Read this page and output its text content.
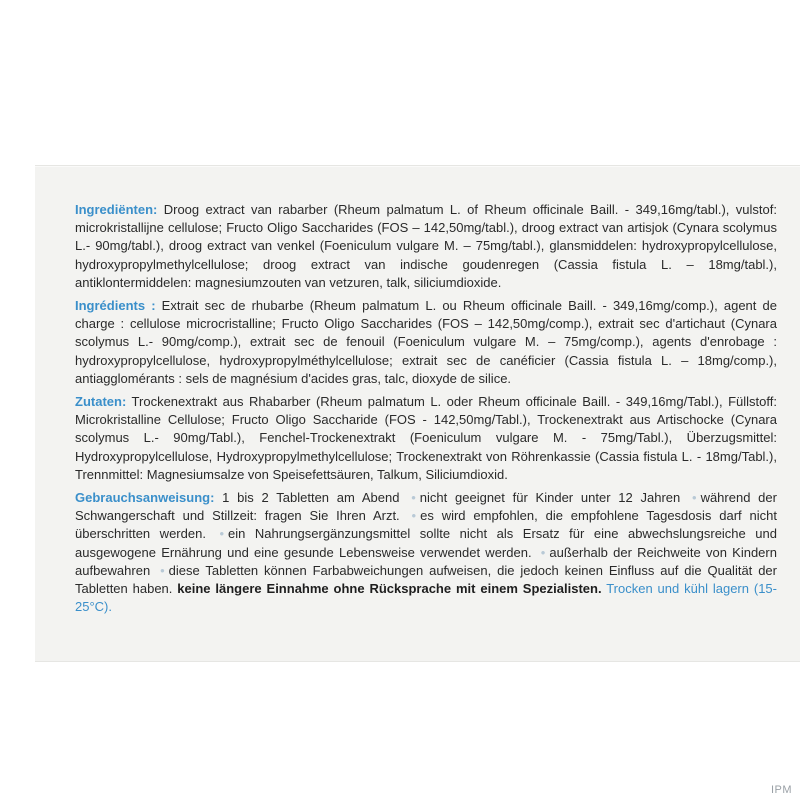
Ingrediënten: Droog extract van rabarber (Rheum palmatum L. of Rheum officinale Baill. - 349,16mg/tabl.), vulstof: microkristallijne cellulose; Fructo Oligo Saccharides (FOS – 142,50mg/tabl.), droog extract van artisjok (Cynara scolymus L.- 90mg/tabl.), droog extract van venkel (Foeniculum vulgare M. – 75mg/tabl.), glansmiddelen: hydroxypropylcellulose, hydroxypropylmethylcellulose; droog extract van indische goudenregen (Cassia fistula L. – 18mg/tabl.), antiklontermiddelen: magnesiumzouten van vetzuren, talk, siliciumdioxide.

Ingrédients : Extrait sec de rhubarbe (Rheum palmatum L. ou Rheum officinale Baill. - 349,16mg/comp.), agent de charge : cellulose microcristalline; Fructo Oligo Saccharides (FOS – 142,50mg/comp.), extrait sec d'artichaut (Cynara scolymus L.- 90mg/comp.), extrait sec de fenouil (Foeniculum vulgare M. – 75mg/comp.), agents d'enrobage : hydroxypropylcellulose, hydroxypropylméthylcellulose; extrait sec de canéficier (Cassia fistula L. – 18mg/comp.), antiagglomérants : sels de magnésium d'acides gras, talc, dioxyde de silice.

Zutaten: Trockenextrakt aus Rhabarber (Rheum palmatum L. oder Rheum officinale Baill. - 349,16mg/Tabl.), Füllstoff: Microkristalline Cellulose; Fructo Oligo Saccharide (FOS - 142,50mg/Tabl.), Trockenextrakt aus Artischocke (Cynara scolymus L.- 90mg/Tabl.), Fenchel-Trockenextrakt (Foeniculum vulgare M. - 75mg/Tabl.), Überzugsmittel: Hydroxypropylcellulose, Hydroxypropylmethylcellulose; Trockenextrakt von Röhrenkassie (Cassia fistula L. - 18mg/Tabl.), Trennmittel: Magnesiumsalze von Speisefettsäuren, Talkum, Siliciumdioxid.

Gebrauchsanweisung: 1 bis 2 Tabletten am Abend • nicht geeignet für Kinder unter 12 Jahren • während der Schwangerschaft und Stillzeit: fragen Sie Ihren Arzt. • es wird empfohlen, die empfohlene Tagesdosis darf nicht überschritten werden. • ein Nahrungsergänzungsmittel sollte nicht als Ersatz für eine abwechslungsreiche und ausgewogene Ernährung und eine gesunde Lebensweise verwendet werden. • außerhalb der Reichweite von Kindern aufbewahren • diese Tabletten können Farbabweichungen aufweisen, die jedoch keinen Einfluss auf die Qualität der Tabletten haben. keine längere Einnahme ohne Rücksprache mit einem Spezialisten. Trocken und kühl lagern (15-25°C).

IPM
